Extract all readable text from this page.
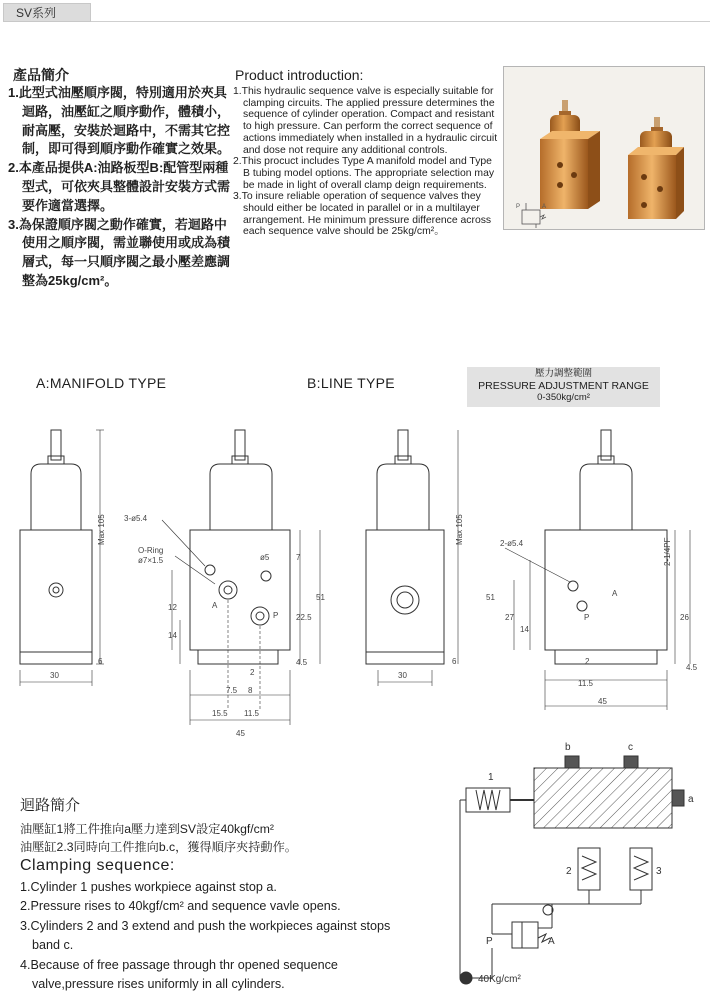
SV系列
產品簡介
1.此型式油壓順序閥，特別適用於夾具迴路，油壓缸之順序動作，體積小，耐高壓，安裝於迴路中，不需其它控制，即可得到順序動作確實之效果。
2.本產品提供A:油路板型B:配管型兩種型式，可依夾具整體設計安裝方式需要作適當選擇。
3.為保證順序閥之動作確實，若迴路中使用之順序閥，需並聯使用或成為積層式，每一只順序閥之最小壓差應調整為25kg/cm²。
Product introduction:
1.This hydraulic sequence valve is especially suitable for clamping circuits. The applied pressure determines the sequence of cylinder operation. Compact and resistant to high pressure. Can perform the correct sequence of actions immediately when installed in a hydraulic circuit and dose not require any additional controls.
2.This procuct includes Type A manifold model and Type B tubing model options. The appropriate selection may be made in light of overall clamp deign requirements.
3.To insure reliable operation of sequence valves they should either be located in parallel or in a multilayer arrangement. He minimum pressure difference across each sequence valve should be 25kg/cm²。
P	A
A:MANIFOLD TYPE	B:LINE TYPE
壓力調整範圍
PRESSURE ADJUSTMENT RANGE
0-350kg/cm²
Max 105
30
6
3-ø5.4
O-Ring
ø7×1.5	ø5
A
P
12
14
7
51
22.5
4.5
2
7.5 8
15.5 11.5
45
Max 105
30
6
2-ø5.4	2-1/4PF
A
P
51
27
14
26
4.5
2
11.5
45
迴路簡介
油壓缸1將工件推向a壓力達到SV設定40kgf/cm²
油壓缸2.3同時向工件推向b.c，獲得順序夾持動作。
Clamping sequence:
1.Cylinder 1 pushes workpiece against stop a.
2.Pressure rises to 40kgf/cm² and sequence vavle opens.
3.Cylinders 2 and 3 extend and push the workpieces against stops band c.
4.Because of free passage through thr opened sequence valve,pressure rises uniformly in all cylinders.
1
b	c
a
2	3
P	A
40Kg/cm²
